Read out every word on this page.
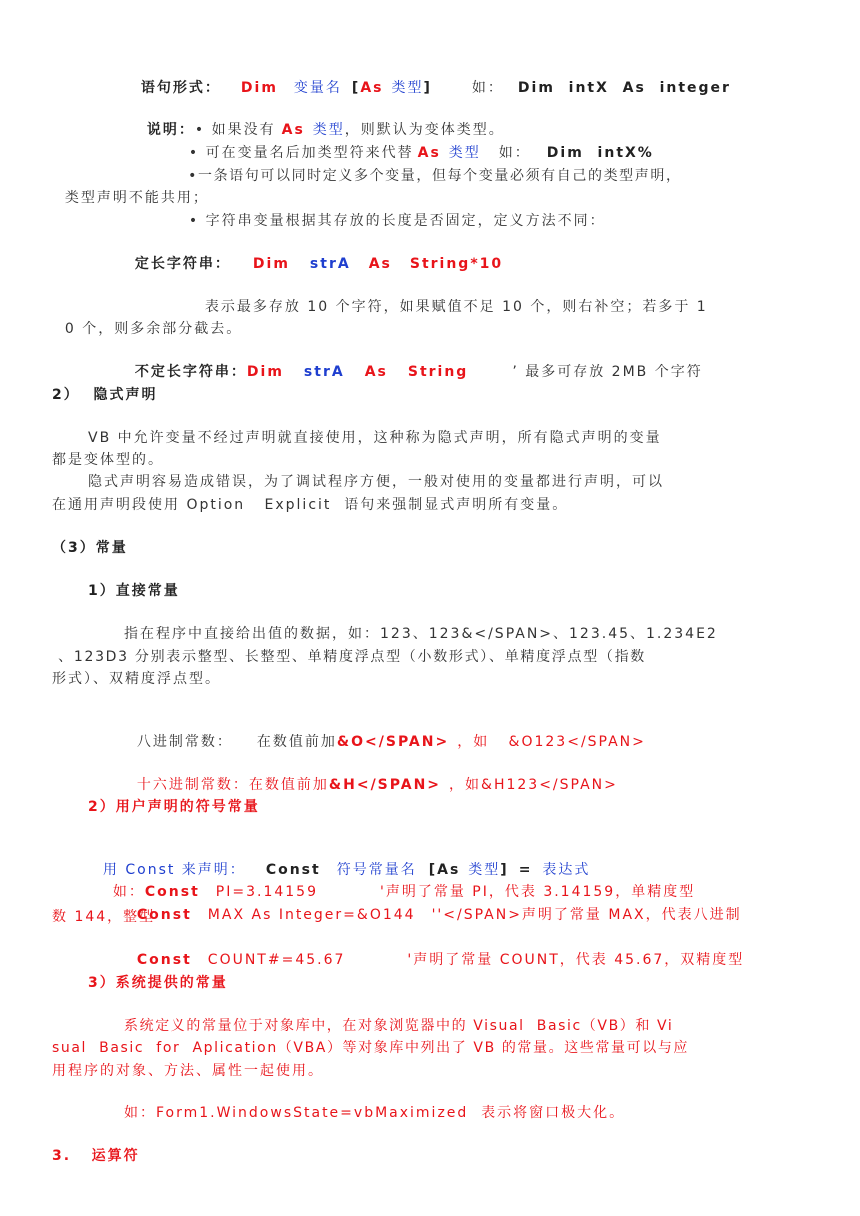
语句形式： Dim 变量名 [As 类型]	如： Dim  intX  As  integer

说明：• 如果没有 As 类型，则默认为变体类型。

• 可在变量名后加类型符来代替 As 类型 如： Dim  intX%

•一条语句可以同时定义多个变量，但每个变量必须有自己的类型声明，

类型声明不能共用；

• 字符串变量根据其存放的长度是否固定，定义方法不同：

定长字符串： Dim strA As String*10

表示最多存放 10 个字符，如果赋值不足 10 个，则右补空；若多于 1

0 个，则多余部分截去。

不定长字符串：Dim strA As String	’ 最多可存放 2MB 个字符

2）  隐式声明
VB 中允许变量不经过声明就直接使用，这种称为隐式声明，所有隐式声明的变量
都是变体型的。
隐式声明容易造成错误，为了调试程序方便，一般对使用的变量都进行声明，可以
在通用声明段使用 Option   Explicit  语句来强制显式声明所有变量。
（3）常量
1）直接常量
指在程序中直接给出值的数据，如：123、123&</SPAN>、123.45、1.234E2
、123D3 分别表示整型、长整型、单精度浮点型（小数形式）、单精度浮点型（指数
形式）、双精度浮点型。

八进制常数： 在数值前加&O</SPAN> ，如   &O123</SPAN>

十六进制常数：在数值前加&H</SPAN> ，如&H123</SPAN>

2）用户声明的符号常量

用 Const 来声明： Const 符号常量名 [As 类型] = 表达式

如：Const PI=3.14159	'声明了常量 PI，代表 3.14159，单精度型

Const MAX As Integer=&O144 ''</SPAN>声明了常量 MAX，代表八进制

数 144，整型

Const COUNT#=45.67	'声明了常量 COUNT，代表 45.67，双精度型

3）系统提供的常量
系统定义的常量位于对象库中，在对象浏览器中的 Visual  Basic（VB）和 Vi
sual  Basic  for  Aplication（VBA）等对象库中列出了 VB 的常量。这些常量可以与应
用程序的对象、方法、属性一起使用。
如：Form1.WindowsState=vbMaximized  表示将窗口极大化。
3.   运算符
